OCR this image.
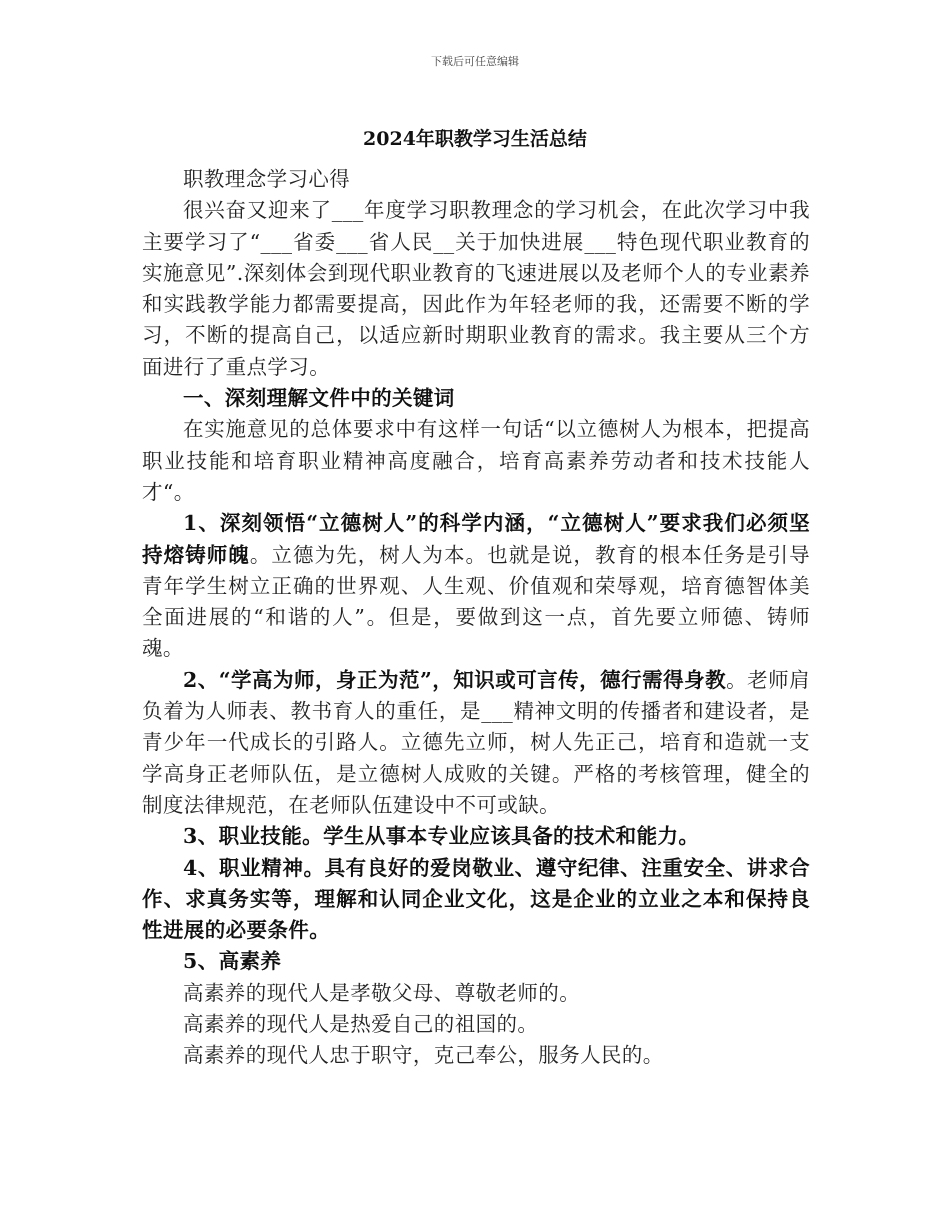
下载后可任意编辑
2024年职教学习生活总结

职教理念学习心得

很兴奋又迎来了___年度学习职教理念的学习机会，在此次学习中我主要学习了“___省委___省人民__关于加快进展___特色现代职业教育的实施意见”.深刻体会到现代职业教育的飞速进展以及老师个人的专业素养和实践教学能力都需要提高，因此作为年轻老师的我，还需要不断的学习，不断的提高自己，以适应新时期职业教育的需求。我主要从三个方面进行了重点学习。

一、深刻理解文件中的关键词

在实施意见的总体要求中有这样一句话“以立德树人为根本，把提高职业技能和培育职业精神高度融合，培育高素养劳动者和技术技能人才“。

1、深刻领悟“立德树人”的科学内涵，“立德树人”要求我们必须坚持熔铸师魄。立德为先，树人为本。也就是说，教育的根本任务是引导青年学生树立正确的世界观、人生观、价值观和荣辱观，培育德智体美全面进展的“和谐的人”。但是，要做到这一点，首先要立师德、铸师魂。

2、“学高为师，身正为范”，知识或可言传，德行需得身教。老师肩负着为人师表、教书育人的重任，是___精神文明的传播者和建设者，是青少年一代成长的引路人。立德先立师，树人先正己，培育和造就一支学高身正老师队伍，是立德树人成败的关键。严格的考核管理，健全的制度法律规范，在老师队伍建设中不可或缺。

3、职业技能。学生从事本专业应该具备的技术和能力。

4、职业精神。具有良好的爱岗敬业、遵守纪律、注重安全、讲求合作、求真务实等，理解和认同企业文化，这是企业的立业之本和保持良性进展的必要条件。

5、高素养

高素养的现代人是孝敬父母、尊敬老师的。

高素养的现代人是热爱自己的祖国的。

高素养的现代人忠于职守，克己奉公，服务人民的。
